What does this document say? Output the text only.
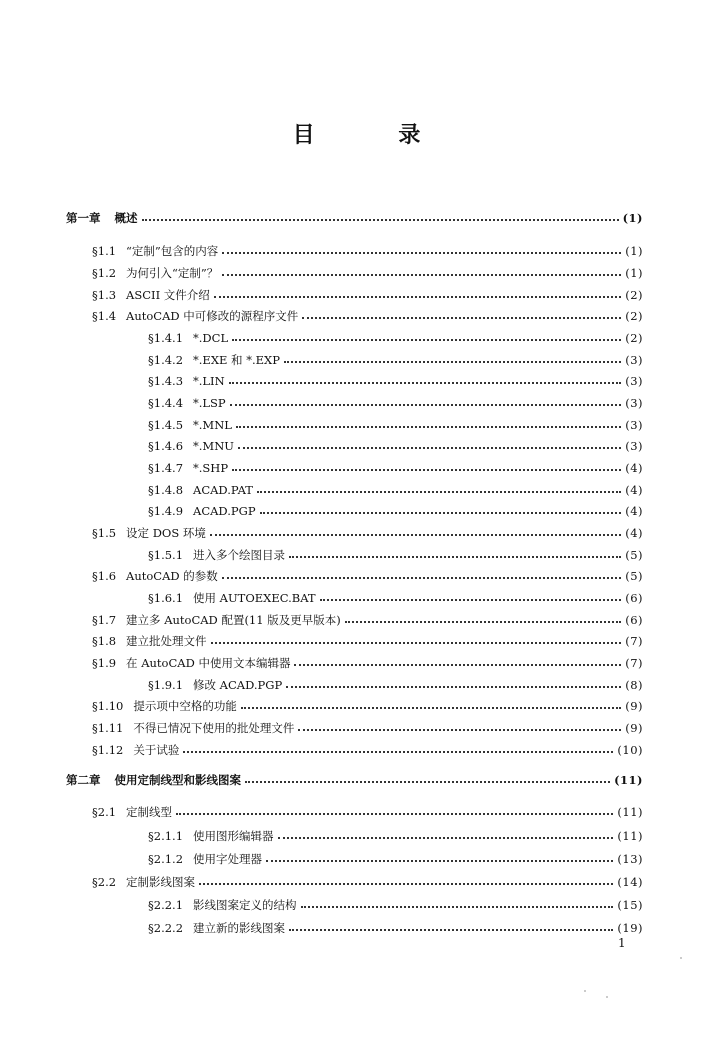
目 录
第一章 概述	(1)
§1.1 “定制”包含的内容	(1)
§1.2 为何引入“定制”？	(1)
§1.3 ASCII 文件介绍	(2)
§1.4 AutoCAD 中可修改的源程序文件	(2)
§1.4.1 *.DCL	(2)
§1.4.2 *.EXE 和 *.EXP	(3)
§1.4.3 *.LIN	(3)
§1.4.4 *.LSP	(3)
§1.4.5 *.MNL	(3)
§1.4.6 *.MNU	(3)
§1.4.7 *.SHP	(4)
§1.4.8 ACAD.PAT	(4)
§1.4.9 ACAD.PGP	(4)
§1.5 设定 DOS 环境	(4)
§1.5.1 进入多个绘图目录	(5)
§1.6 AutoCAD 的参数	(5)
§1.6.1 使用 AUTOEXEC.BAT	(6)
§1.7 建立多 AutoCAD 配置(11 版及更早版本)	(6)
§1.8 建立批处理文件	(7)
§1.9 在 AutoCAD 中使用文本编辑器	(7)
§1.9.1 修改 ACAD.PGP	(8)
§1.10 提示项中空格的功能	(9)
§1.11 不得已情况下使用的批处理文件	(9)
§1.12 关于试验	(10)
第二章 使用定制线型和影线图案	(11)
§2.1 定制线型	(11)
§2.1.1 使用图形编辑器	(11)
§2.1.2 使用字处理器	(13)
§2.2 定制影线图案	(14)
§2.2.1 影线图案定义的结构	(15)
§2.2.2 建立新的影线图案	(19)
1
